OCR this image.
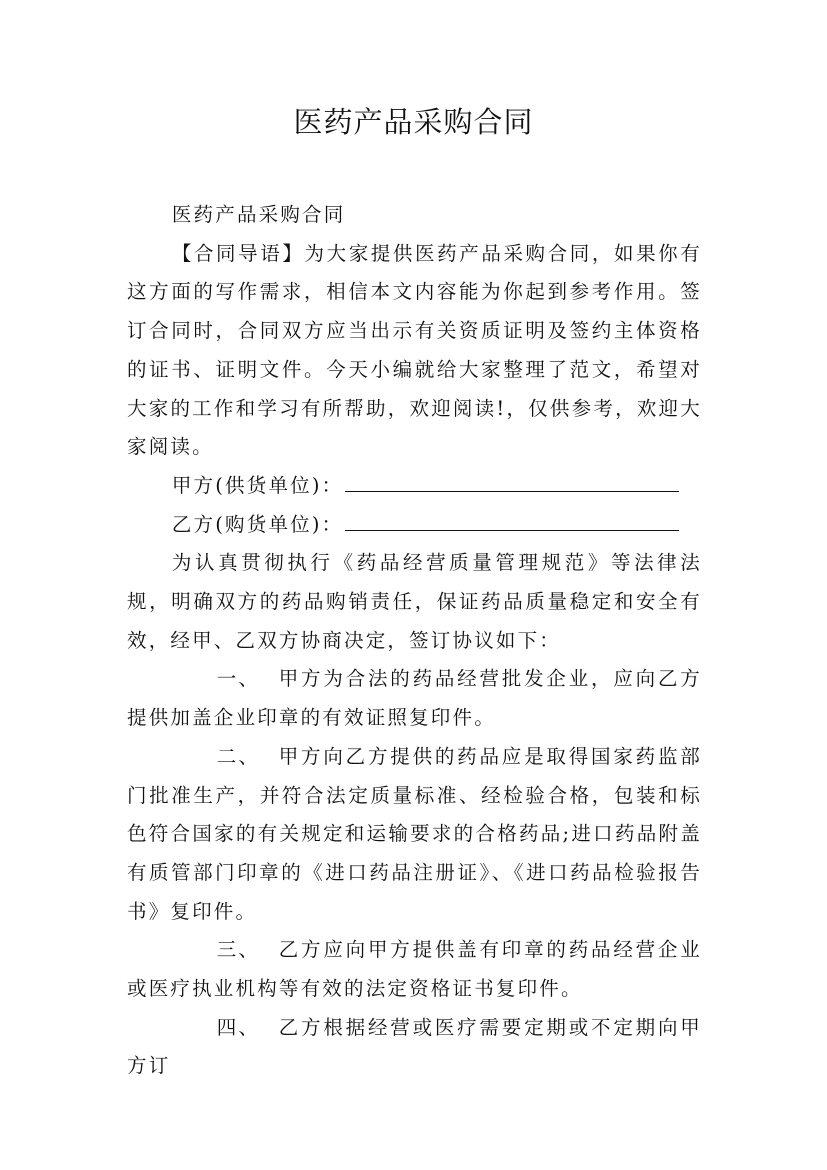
医药产品采购合同

医药产品采购合同

【合同导语】为大家提供医药产品采购合同，如果你有这方面的写作需求，相信本文内容能为你起到参考作用。签订合同时，合同双方应当出示有关资质证明及签约主体资格的证书、证明文件。今天小编就给大家整理了范文，希望对大家的工作和学习有所帮助，欢迎阅读!，仅供参考，欢迎大家阅读。

甲方(供货单位)：

乙方(购货单位)：

为认真贯彻执行《药品经营质量管理规范》等法律法规，明确双方的药品购销责任，保证药品质量稳定和安全有效，经甲、乙双方协商决定，签订协议如下：

一、 甲方为合法的药品经营批发企业，应向乙方提供加盖企业印章的有效证照复印件。

二、 甲方向乙方提供的药品应是取得国家药监部门批准生产，并符合法定质量标准、经检验合格，包装和标色符合国家的有关规定和运输要求的合格药品;进口药品附盖有质管部门印章的《进口药品注册证》、《进口药品检验报告书》复印件。

三、 乙方应向甲方提供盖有印章的药品经营企业或医疗执业机构等有效的法定资格证书复印件。

四、 乙方根据经营或医疗需要定期或不定期向甲方订
